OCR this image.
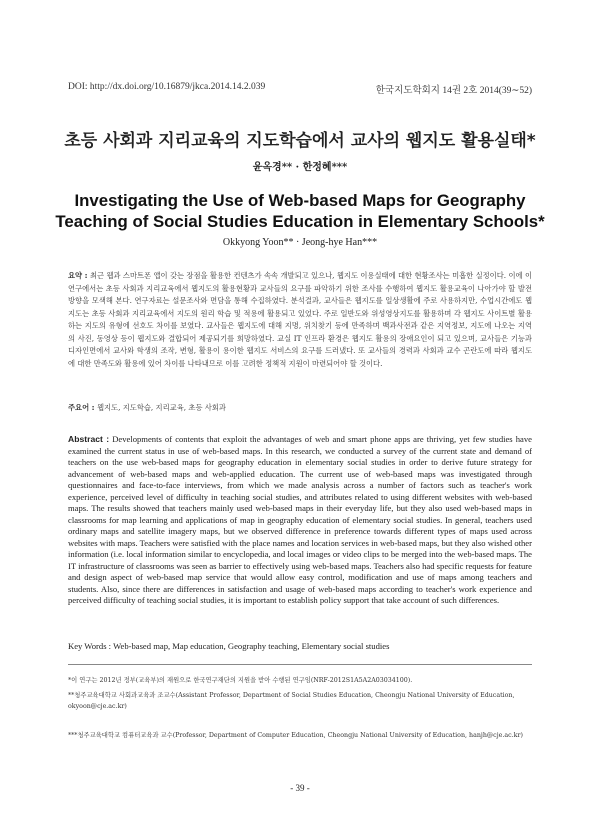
DOI: http://dx.doi.org/10.16879/jkca.2014.14.2.039	한국지도학회지 14권 2호 2014(39∼52)
초등 사회과 지리교육의 지도학습에서 교사의 웹지도 활용실태*
윤옥경** · 한정혜***
Investigating the Use of Web-based Maps for Geography
Teaching of Social Studies Education in Elementary Schools*
Okkyong Yoon** · Jeong-hye Han***
요약 : 최근 웹과 스마트폰 앱이 갖는 장점을 활용한 컨텐츠가 속속 개발되고 있으나, 웹지도 이용실태에 대한 현황조사는 미흡한 실정이다. 이에 이 연구에서는 초등 사회과 지리교육에서 웹지도의 활용현황과 교사들의 요구를 파악하기 위한 조사를 수행하여 웹지도 활용교육이 나아가야 할 발전 방향을 모색해 본다. 연구자료는 설문조사와 면담을 통해 수집하였다. 분석결과, 교사들은 웹지도를 일상생활에 주로 사용하지만, 수업시간에도 웹지도는 초등 사회과 지리교육에서 지도의 원리 학습 및 적용에 활용되고 있었다. 주로 일반도와 위성영상지도를 활용하며 각 웹지도 사이트별 활용하는 지도의 유형에 선호도 차이를 보였다. 교사들은 웹지도에 대해 지명, 위치찾기 등에 만족하며 백과사전과 같은 지역정보, 지도에 나오는 지역의 사진, 동영상 등이 웹지도와 결합되어 제공되기를 희망하였다. 교실 IT 인프라 환경은 웹지도 활용의 장애요인이 되고 있으며, 교사들은 기능과 디자인면에서 교사와 학생의 조작, 변형, 활용이 용이한 웹지도 서비스의 요구를 드러냈다. 또 교사들의 경력과 사회과 교수 곤란도에 따라 웹지도에 대한 만족도와 활용에 있어 차이를 나타내므로 이를 고려한 정책적 지원이 마련되어야 할 것이다.
주요어 : 웹지도, 지도학습, 지리교육, 초등 사회과
Abstract : Developments of contents that exploit the advantages of web and smart phone apps are thriving, yet few studies have examined the current status in use of web-based maps. In this research, we conducted a survey of the current state and demand of teachers on the use web-based maps for geography education in elementary social studies in order to derive future strategy for advancement of web-based maps and web-applied education. The current use of web-based maps was investigated through questionnaires and face-to-face interviews, from which we made analysis across a number of factors such as teacher's work experience, perceived level of difficulty in teaching social studies, and attributes related to using different websites with web-based maps. The results showed that teachers mainly used web-based maps in their everyday life, but they also used web-based maps in classrooms for map learning and applications of map in geography education of elementary social studies. In general, teachers used ordinary maps and satellite imagery maps, but we observed difference in preference towards different types of maps used across websites with maps. Teachers were satisfied with the place names and location services in web-based maps, but they also wished other information (i.e. local information similar to encyclopedia, and local images or video clips to be merged into the web-based maps. The IT infrastructure of classrooms was seen as barrier to effectively using web-based maps. Teachers also had specific requests for feature and design aspect of web-based map service that would allow easy control, modification and use of maps among teachers and students. Also, since there are differences in satisfaction and usage of web-based maps according to teacher's work experience and perceived difficulty of teaching social studies, it is important to establish policy support that take account of such differences.
Key Words : Web-based map, Map education, Geography teaching, Elementary social studies
*이 연구는 2012년 정부(교육부)의 재원으로 한국연구재단의 지원을 받아 수행된 연구임(NRF-2012S1A5A2A03034100).
**청주교육대학교 사회과교육과 조교수(Assistant Professor, Department of Social Studies Education, Cheongju National University of Education, okyoon@cje.ac.kr)
***청주교육대학교 컴퓨터교육과 교수(Professor, Department of Computer Education, Cheongju National University of Education, hanjh@cje.ac.kr)
- 39 -
